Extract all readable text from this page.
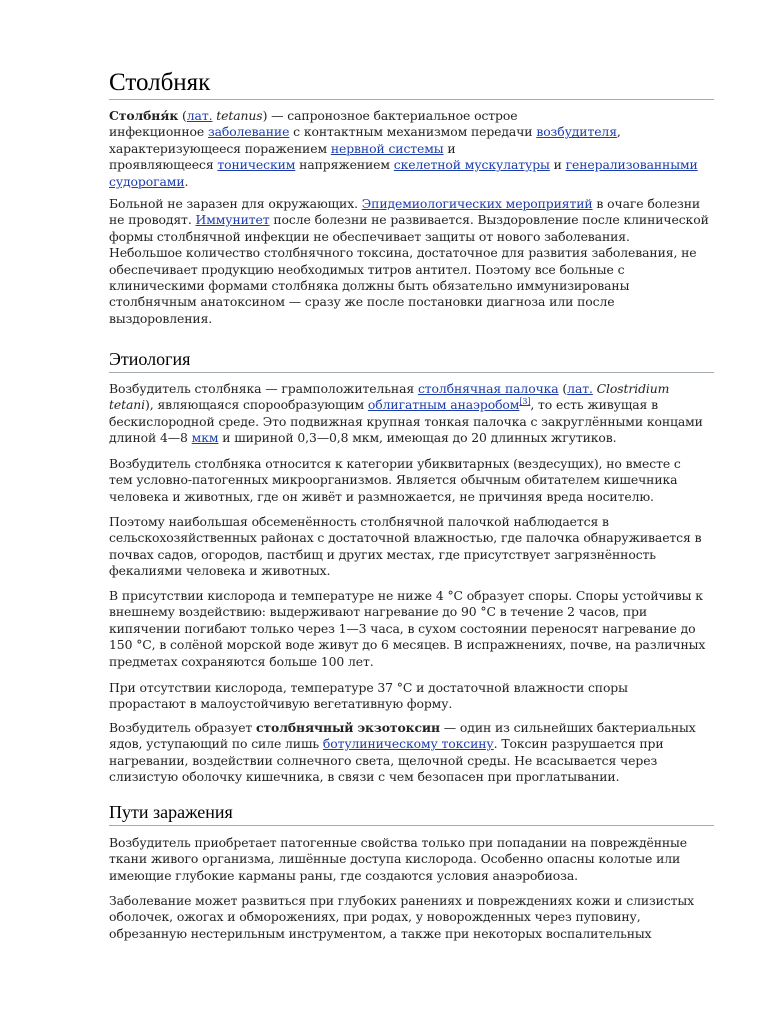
Столбняк

Столбня́к (лат. tetanus) — сапронозное бактериальное острое
инфекционное заболевание с контактным механизмом передачи возбудителя,
характеризующееся поражением нервной системы и
проявляющееся тоническим напряжением скелетной мускулатуры и генерализованными
судорогами.

Больной не заразен для окружающих. Эпидемиологических мероприятий в очаге болезни
не проводят. Иммунитет после болезни не развивается. Выздоровление после клинической
формы столбнячной инфекции не обеспечивает защиты от нового заболевания.
Небольшое количество столбнячного токсина, достаточное для развития заболевания, не
обеспечивает продукцию необходимых титров антител. Поэтому все больные с
клиническими формами столбняка должны быть обязательно иммунизированы
столбнячным анатоксином — сразу же после постановки диагноза или после
выздоровления.

Этиология

Возбудитель столбняка — грамположительная столбнячная палочка (лат. Clostridium
tetani), являющаяся спорообразующим облигатным анаэробом[3], то есть живущая в
бескислородной среде. Это подвижная крупная тонкая палочка с закруглёнными концами
длиной 4—8 мкм и шириной 0,3—0,8 мкм, имеющая до 20 длинных жгутиков.

Возбудитель столбняка относится к категории убиквитарных (вездесущих), но вместе с
тем условно-патогенных микроорганизмов. Является обычным обитателем кишечника
человека и животных, где он живёт и размножается, не причиняя вреда носителю.

Поэтому наибольшая обсеменённость столбнячной палочкой наблюдается в
сельскохозяйственных районах с достаточной влажностью, где палочка обнаруживается в
почвах садов, огородов, пастбищ и других местах, где присутствует загрязнённость
фекалиями человека и животных.

В присутствии кислорода и температуре не ниже 4 °С образует споры. Споры устойчивы к
внешнему воздействию: выдерживают нагревание до 90 °С в течение 2 часов, при
кипячении погибают только через 1—3 часа, в сухом состоянии переносят нагревание до
150 °С, в солёной морской воде живут до 6 месяцев. В испражнениях, почве, на различных
предметах сохраняются больше 100 лет.

При отсутствии кислорода, температуре 37 °С и достаточной влажности споры
прорастают в малоустойчивую вегетативную форму.

Возбудитель образует столбнячный экзотоксин — один из сильнейших бактериальных
ядов, уступающий по силе лишь ботулиническому токсину. Токсин разрушается при
нагревании, воздействии солнечного света, щелочной среды. Не всасывается через
слизистую оболочку кишечника, в связи с чем безопасен при проглатывании.

Пути заражения

Возбудитель приобретает патогенные свойства только при попадании на повреждённые
ткани живого организма, лишённые доступа кислорода. Особенно опасны колотые или
имеющие глубокие карманы раны, где создаются условия анаэробиоза.

Заболевание может развиться при глубоких ранениях и повреждениях кожи и слизистых
оболочек, ожогах и обморожениях, при родах, у новорожденных через пуповину,
обрезанную нестерильным инструментом, а также при некоторых воспалительных
